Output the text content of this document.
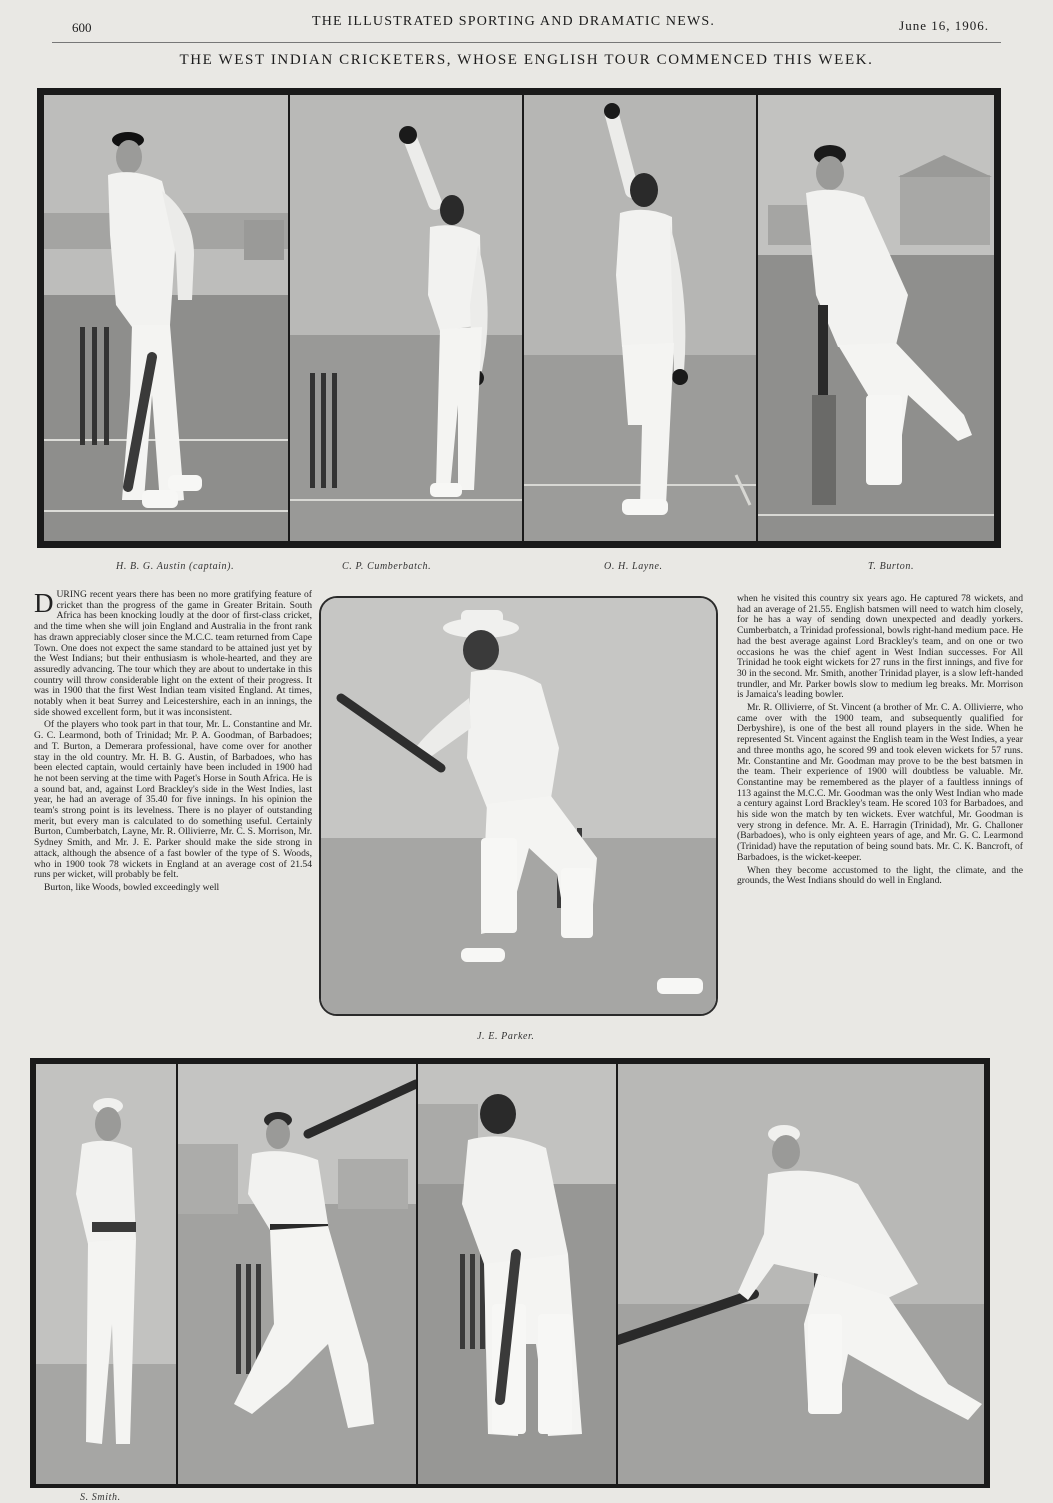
600	THE ILLUSTRATED SPORTING AND DRAMATIC NEWS.	June 16, 1906.
THE WEST INDIAN CRICKETERS, WHOSE ENGLISH TOUR COMMENCED THIS WEEK.
H. B. G. Austin (captain).	C. P. Cumberbatch.	O. H. Layne.	T. Burton.

DURING recent years there has been no more gratifying feature of cricket than the progress of the game in Greater Britain. South Africa has been knocking loudly at the door of first-class cricket, and the time when she will join England and Australia in the front rank has drawn appreciably closer since the M.C.C. team returned from Cape Town. One does not expect the same standard to be attained just yet by the West Indians; but their enthusiasm is whole-hearted, and they are assuredly advancing. The tour which they are about to undertake in this country will throw considerable light on the extent of their progress. It was in 1900 that the first West Indian team visited England. At times, notably when it beat Surrey and Leicestershire, each in an innings, the side showed excellent form, but it was inconsistent.

Of the players who took part in that tour, Mr. L. Constantine and Mr. G. C. Learmond, both of Trinidad; Mr. P. A. Goodman, of Barbadoes; and T. Burton, a Demerara professional, have come over for another stay in the old country. Mr. H. B. G. Austin, of Barbadoes, who has been elected captain, would certainly have been included in 1900 had he not been serving at the time with Paget's Horse in South Africa. He is a sound bat, and, against Lord Brackley's side in the West Indies, last year, he had an average of 35.40 for five innings. In his opinion the team's strong point is its levelness. There is no player of outstanding merit, but every man is calculated to do something useful. Certainly Burton, Cumberbatch, Layne, Mr. R. Ollivierre, Mr. C. S. Morrison, Mr. Sydney Smith, and Mr. J. E. Parker should make the side strong in attack, although the absence of a fast bowler of the type of S. Woods, who in 1900 took 78 wickets in England at an average cost of 21.54 runs per wicket, will probably be felt.

Burton, like Woods, bowled exceedingly well

J. E. Parker.

when he visited this country six years ago. He captured 78 wickets, and had an average of 21.55. English batsmen will need to watch him closely, for he has a way of sending down unexpected and deadly yorkers. Cumberbatch, a Trinidad professional, bowls right-hand medium pace. He had the best average against Lord Brackley's team, and on one or two occasions he was the chief agent in West Indian successes. For All Trinidad he took eight wickets for 27 runs in the first innings, and five for 30 in the second. Mr. Smith, another Trinidad player, is a slow left-handed trundler, and Mr. Parker bowls slow to medium leg breaks. Mr. Morrison is Jamaica's leading bowler.

Mr. R. Ollivierre, of St. Vincent (a brother of Mr. C. A. Ollivierre, who came over with the 1900 team, and subsequently qualified for Derbyshire), is one of the best all round players in the side. When he represented St. Vincent against the English team in the West Indies, a year and three months ago, he scored 99 and took eleven wickets for 57 runs. Mr. Constantine and Mr. Goodman may prove to be the best batsmen in the team. Their experience of 1900 will doubtless be valuable. Mr. Constantine may be remembered as the player of a faultless innings of 113 against the M.C.C. Mr. Goodman was the only West Indian who made a century against Lord Brackley's team. He scored 103 for Barbadoes, and his side won the match by ten wickets. Ever watchful, Mr. Goodman is very strong in defence. Mr. A. E. Harragin (Trinidad), Mr. G. Challoner (Barbadoes), who is only eighteen years of age, and Mr. G. C. Learmond (Trinidad) have the reputation of being sound bats. Mr. C. K. Bancroft, of Barbadoes, is the wicket-keeper.

When they become accustomed to the light, the climate, and the grounds, the West Indians should do well in England.

S. Smith.
